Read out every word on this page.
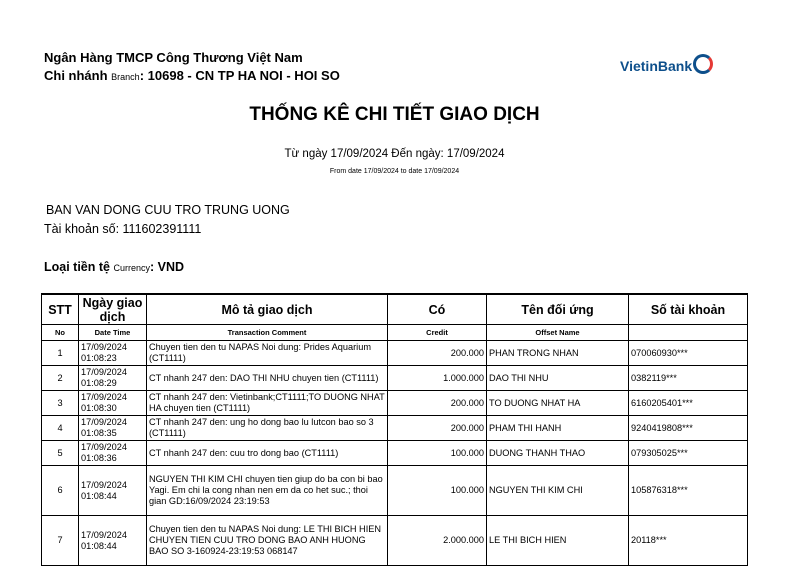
Ngân Hàng TMCP Công Thương Việt Nam
Chi nhánh Branch: 10698 - CN TP HA NOI - HOI SO
VietinBank
THỐNG KÊ CHI TIẾT GIAO DỊCH
Từ ngày 17/09/2024 Đến ngày: 17/09/2024
From date 17/09/2024 to date 17/09/2024
BAN VAN DONG CUU TRO TRUNG UONG
Tài khoản số: 111602391111
Loại tiền tệ Currency: VND
STT	Ngày giao dịch	Mô tả giao dịch	Có	Tên đối ứng	Số tài khoản
No	Date Time	Transaction Comment	Credit	Offset Name	
1	17/09/2024
01:08:23	Chuyen tien den tu NAPAS Noi dung: Prides Aquarium (CT1111)	200.000	PHAN TRONG NHAN	070060930***
2	17/09/2024
01:08:29	CT nhanh 247 den: DAO THI NHU chuyen tien (CT1111)	1.000.000	DAO THI NHU	0382119***
3	17/09/2024
01:08:30	CT nhanh 247 den: Vietinbank;CT1111;TO DUONG NHAT HA chuyen tien (CT1111)	200.000	TO DUONG NHAT HA	6160205401***
4	17/09/2024
01:08:35	CT nhanh 247 den: ung ho dong bao lu lutcon bao so 3 (CT1111)	200.000	PHAM THI HANH	9240419808***
5	17/09/2024
01:08:36	CT nhanh 247 den: cuu tro dong bao (CT1111)	100.000	DUONG THANH THAO	079305025***
6	17/09/2024
01:08:44	NGUYEN THI KIM CHI chuyen tien giup do ba con bi bao Yagi. Em chi la cong nhan nen em da co het suc.; thoi gian GD:16/09/2024 23:19:53	100.000	NGUYEN THI KIM CHI	105876318***
7	17/09/2024
01:08:44	Chuyen tien den tu NAPAS Noi dung: LE THI BICH HIEN CHUYEN TIEN CUU TRO DONG BAO ANH HUONG BAO SO 3-160924-23:19:53 068147	2.000.000	LE THI BICH HIEN	20118***
